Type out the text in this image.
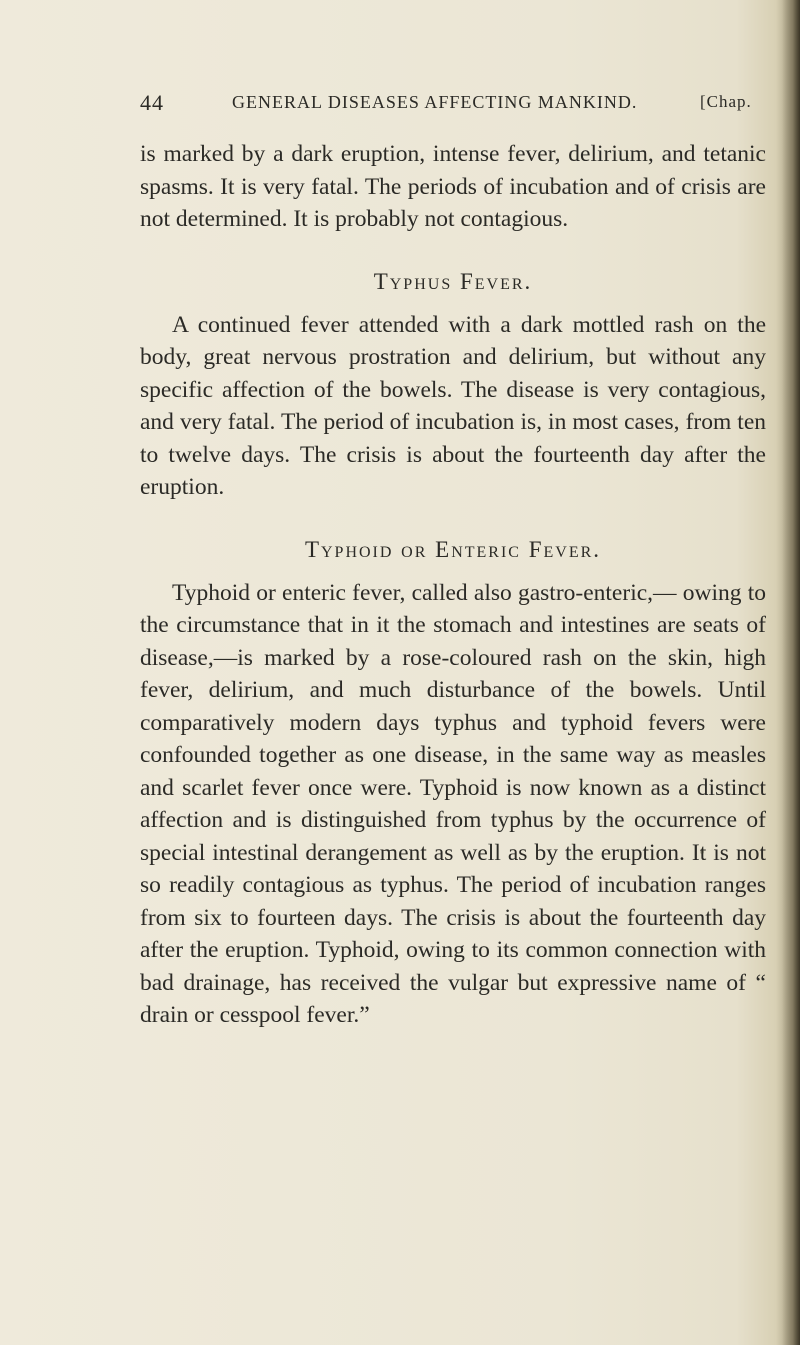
44	GENERAL DISEASES AFFECTING MANKIND.	[Chap.

is marked by a dark eruption, intense fever, delirium, and tetanic spasms. It is very fatal. The periods of incubation and of crisis are not determined. It is probably not contagious.

Typhus Fever.

A continued fever attended with a dark mottled rash on the body, great nervous prostration and delirium, but without any specific affection of the bowels. The disease is very contagious, and very fatal. The period of incubation is, in most cases, from ten to twelve days. The crisis is about the fourteenth day after the eruption.

Typhoid or Enteric Fever.

Typhoid or enteric fever, called also gastro-enteric,— owing to the circumstance that in it the stomach and intestines are seats of disease,—is marked by a rose-coloured rash on the skin, high fever, delirium, and much disturbance of the bowels. Until comparatively modern days typhus and typhoid fevers were confounded together as one disease, in the same way as measles and scarlet fever once were. Typhoid is now known as a distinct affection and is distinguished from typhus by the occurrence of special intestinal derangement as well as by the eruption. It is not so readily contagious as typhus. The period of incubation ranges from six to fourteen days. The crisis is about the fourteenth day after the eruption. Typhoid, owing to its common connection with bad drainage, has received the vulgar but expressive name of “ drain or cesspool fever.”
